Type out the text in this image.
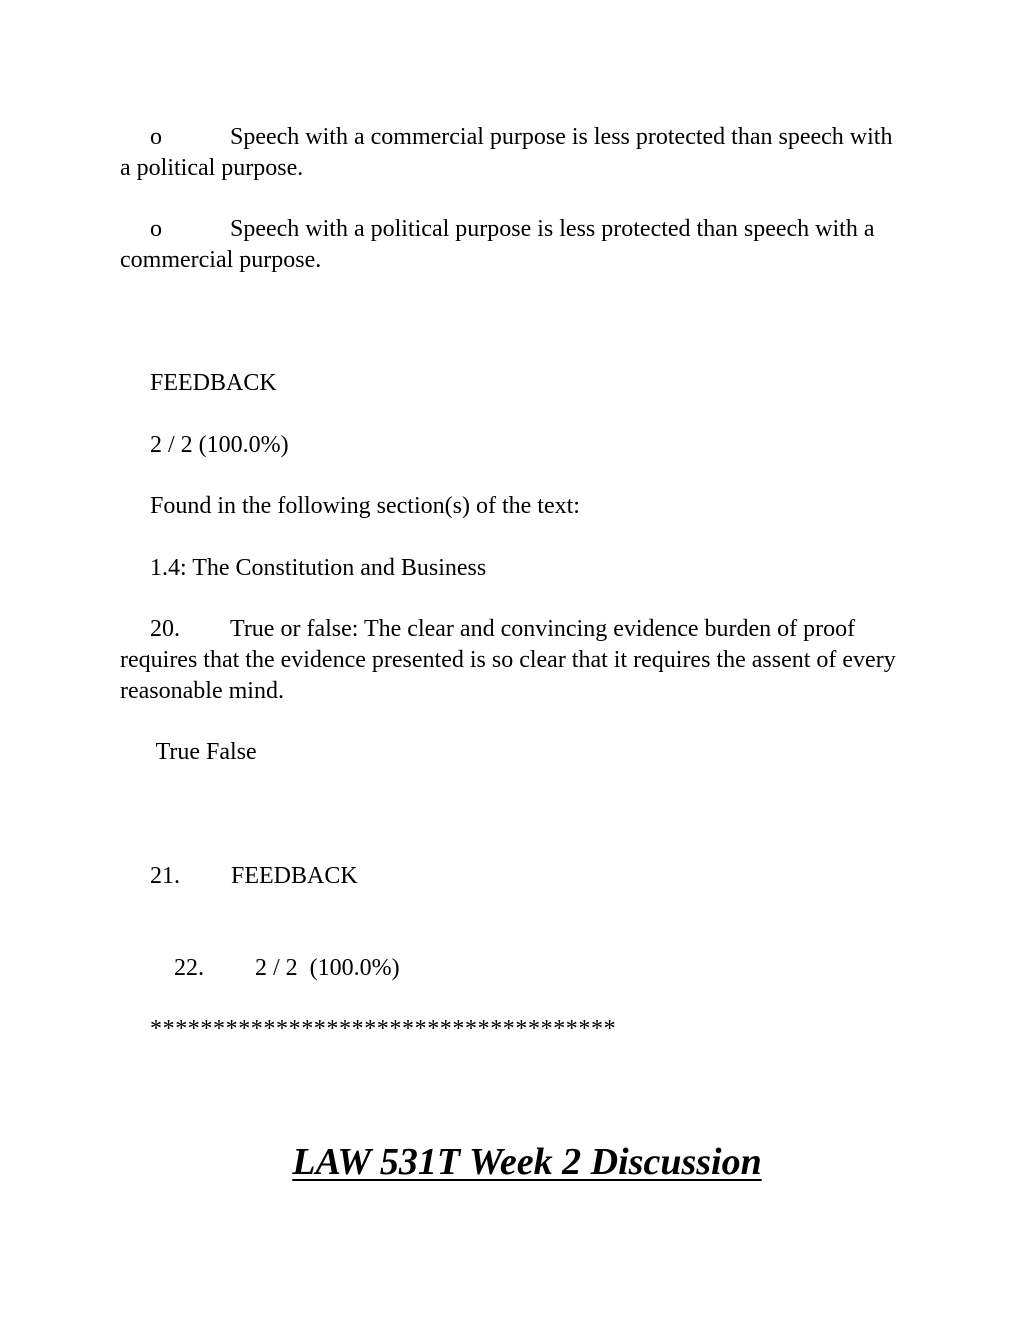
o	Speech with a commercial purpose is less protected than speech with a political purpose.

o	Speech with a political purpose is less protected than speech with a commercial purpose.

FEEDBACK

2 / 2 (100.0%)

Found in the following section(s) of the text:

1.4: The Constitution and Business

20. True or false: The clear and convincing evidence burden of proof requires that the evidence presented is so clear that it requires the assent of every reasonable mind.

True False

21. FEEDBACK

22. 2 / 2  (100.0%)

*************************************

LAW 531T Week 2 Discussion
